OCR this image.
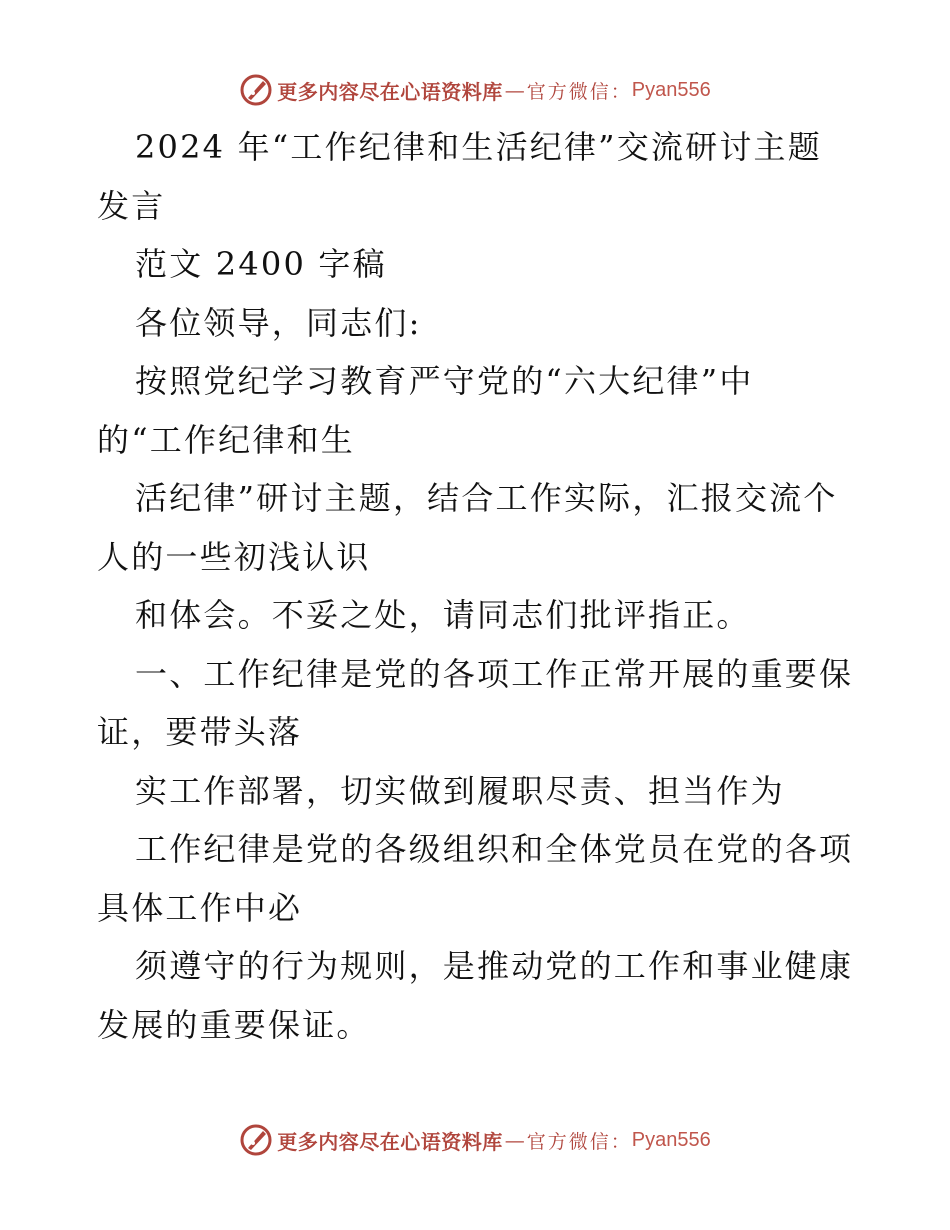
更多内容尽在心语资料库 — 官方微信： Pyan556

2024 年“工作纪律和生活纪律”交流研讨主题

发言

范文 2400 字稿

各位领导，同志们:

按照党纪学习教育严守党的“六大纪律”中

的“工作纪律和生

活纪律”研讨主题，结合工作实际，汇报交流个

人的一些初浅认识

和体会。不妥之处，请同志们批评指正。

一、工作纪律是党的各项工作正常开展的重要保

证，要带头落

实工作部署，切实做到履职尽责、担当作为

工作纪律是党的各级组织和全体党员在党的各项

具体工作中必

须遵守的行为规则，是推动党的工作和事业健康

发展的重要保证。

更多内容尽在心语资料库 — 官方微信： Pyan556
